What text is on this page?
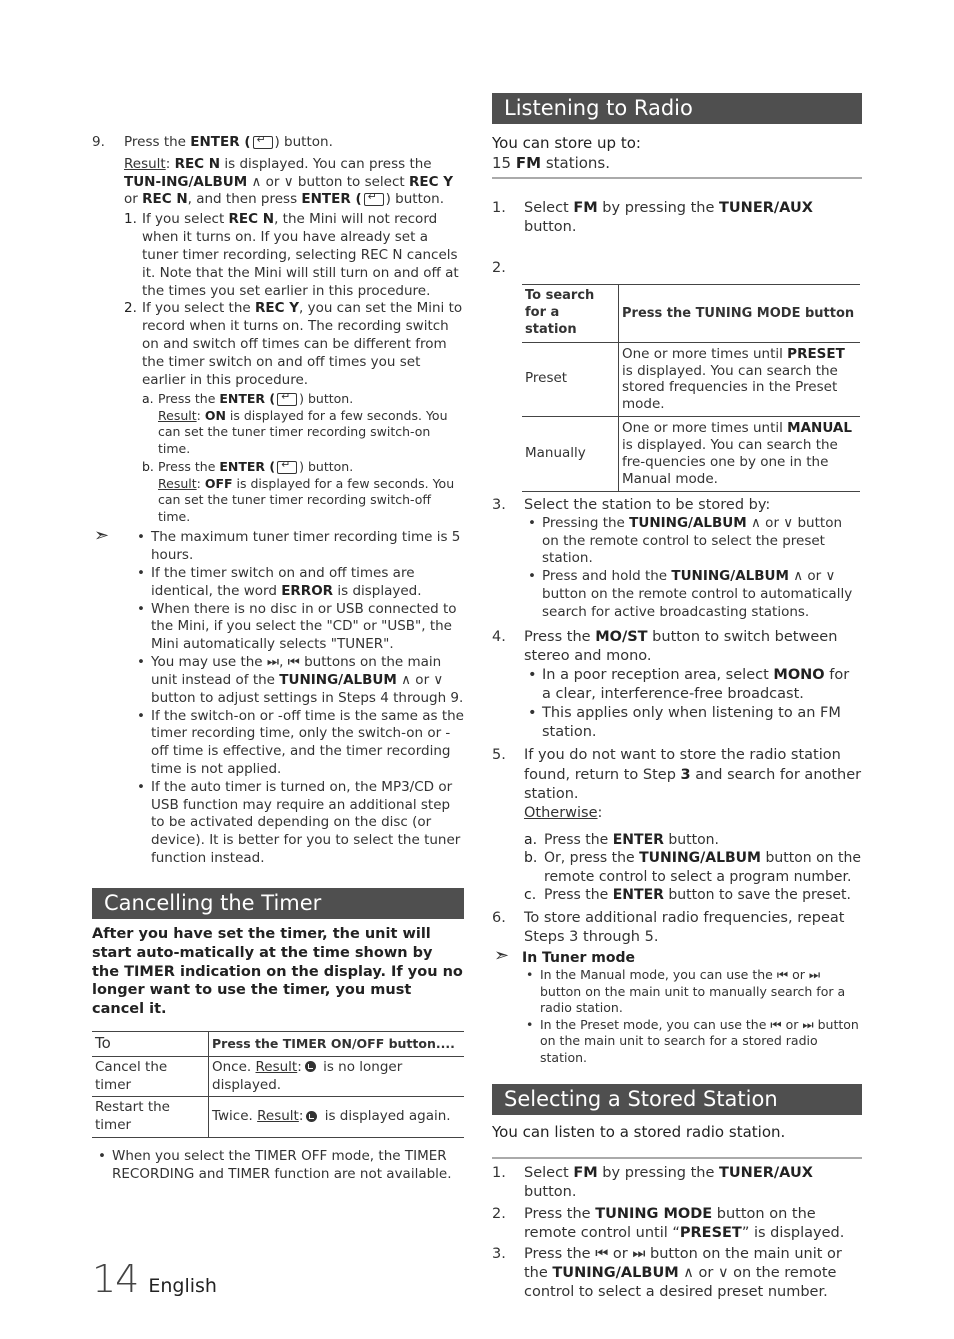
9. Press the ENTER ( ↵ ) button.
Result: REC N is displayed. You can press the TUN-ING/ALBUM ∧ or ∨ button to select REC Y or REC N, and then press ENTER ( ↵ ) button.
1. If you select REC N, the Mini will not record when it turns on. If you have already set a tuner timer recording, selecting REC N cancels it. Note that the Mini will still turn on and off at the times you set earlier in this procedure.
2. If you select the REC Y, you can set the Mini to record when it turns on. The recording switch on and switch off times can be different from the timer switch on and off times you set earlier in this procedure.
a. Press the ENTER ( ↵ ) button.
Result: ON is displayed for a few seconds. You can set the tuner timer recording switch-on time.
b. Press the ENTER ( ↵ ) button.
Result: OFF is displayed for a few seconds. You can set the tuner timer recording switch-off time.
➣	• The maximum tuner timer recording time is 5 hours.
• If the timer switch on and off times are identical, the word ERROR is displayed.
• When there is no disc in or USB connected to the Mini, if you select the "CD" or "USB", the Mini automatically selects "TUNER".
• You may use the ⏭, ⏮ buttons on the main unit instead of the TUNING/ALBUM ∧ or ∨ button to adjust settings in Steps 4 through 9.
• If the switch-on or -off time is the same as the timer recording time, only the switch-on or -off time is effective, and the timer recording time is not applied.
• If the auto timer is turned on, the MP3/CD or USB function may require an additional step to be activated depending on the disc (or device). It is better for you to select the tuner function instead.
Cancelling the Timer
After you have set the timer, the unit will start auto-matically at the time shown by the TIMER indication on the display. If you no longer want to use the timer, you must cancel it.
To	Press the TIMER ON/OFF button....
Cancel the timer	Once. Result: is no longer displayed.
Restart the timer	Twice. Result: is displayed again.
• When you select the TIMER OFF mode, the TIMER RECORDING and TIMER function are not available.
Listening to Radio
You can store up to:
15 FM stations.
1. Select FM by pressing the TUNER/AUX button.
2.

To search for a station	Press the TUNING MODE button
Preset	One or more times until PRESET is displayed. You can search the stored frequencies in the Preset mode.
Manually	One or more times until MANUAL is displayed. You can search the fre-quencies one by one in the Manual mode.
3. Select the station to be stored by:
• Pressing the TUNING/ALBUM ∧ or ∨ button on the remote control to select the preset station.
• Press and hold the TUNING/ALBUM ∧ or ∨ button on the remote control to automatically search for active broadcasting stations.
4. Press the MO/ST button to switch between stereo and mono.
• In a poor reception area, select MONO for a clear, interference-free broadcast.
• This applies only when listening to an FM station.
5. If you do not want to store the radio station found, return to Step 3 and search for another station.
Otherwise:
a. Press the ENTER button.
b. Or, press the TUNING/ALBUM button on the remote control to select a program number.
c. Press the ENTER button to save the preset.
6. To store additional radio frequencies, repeat Steps 3 through 5.
➣ In Tuner mode
• In the Manual mode, you can use the ⏮ or ⏭ button on the main unit to manually search for a radio station.
• In the Preset mode, you can use the ⏮ or ⏭ button on the main unit to search for a stored radio station.
Selecting a Stored Station
You can listen to a stored radio station.
1. Select FM by pressing the TUNER/AUX button.
2. Press the TUNING MODE button on the remote control until “PRESET” is displayed.
3. Press the ⏮ or ⏭ button on the main unit or the TUNING/ALBUM ∧ or ∨ on the remote control to select a desired preset number.
14 English
